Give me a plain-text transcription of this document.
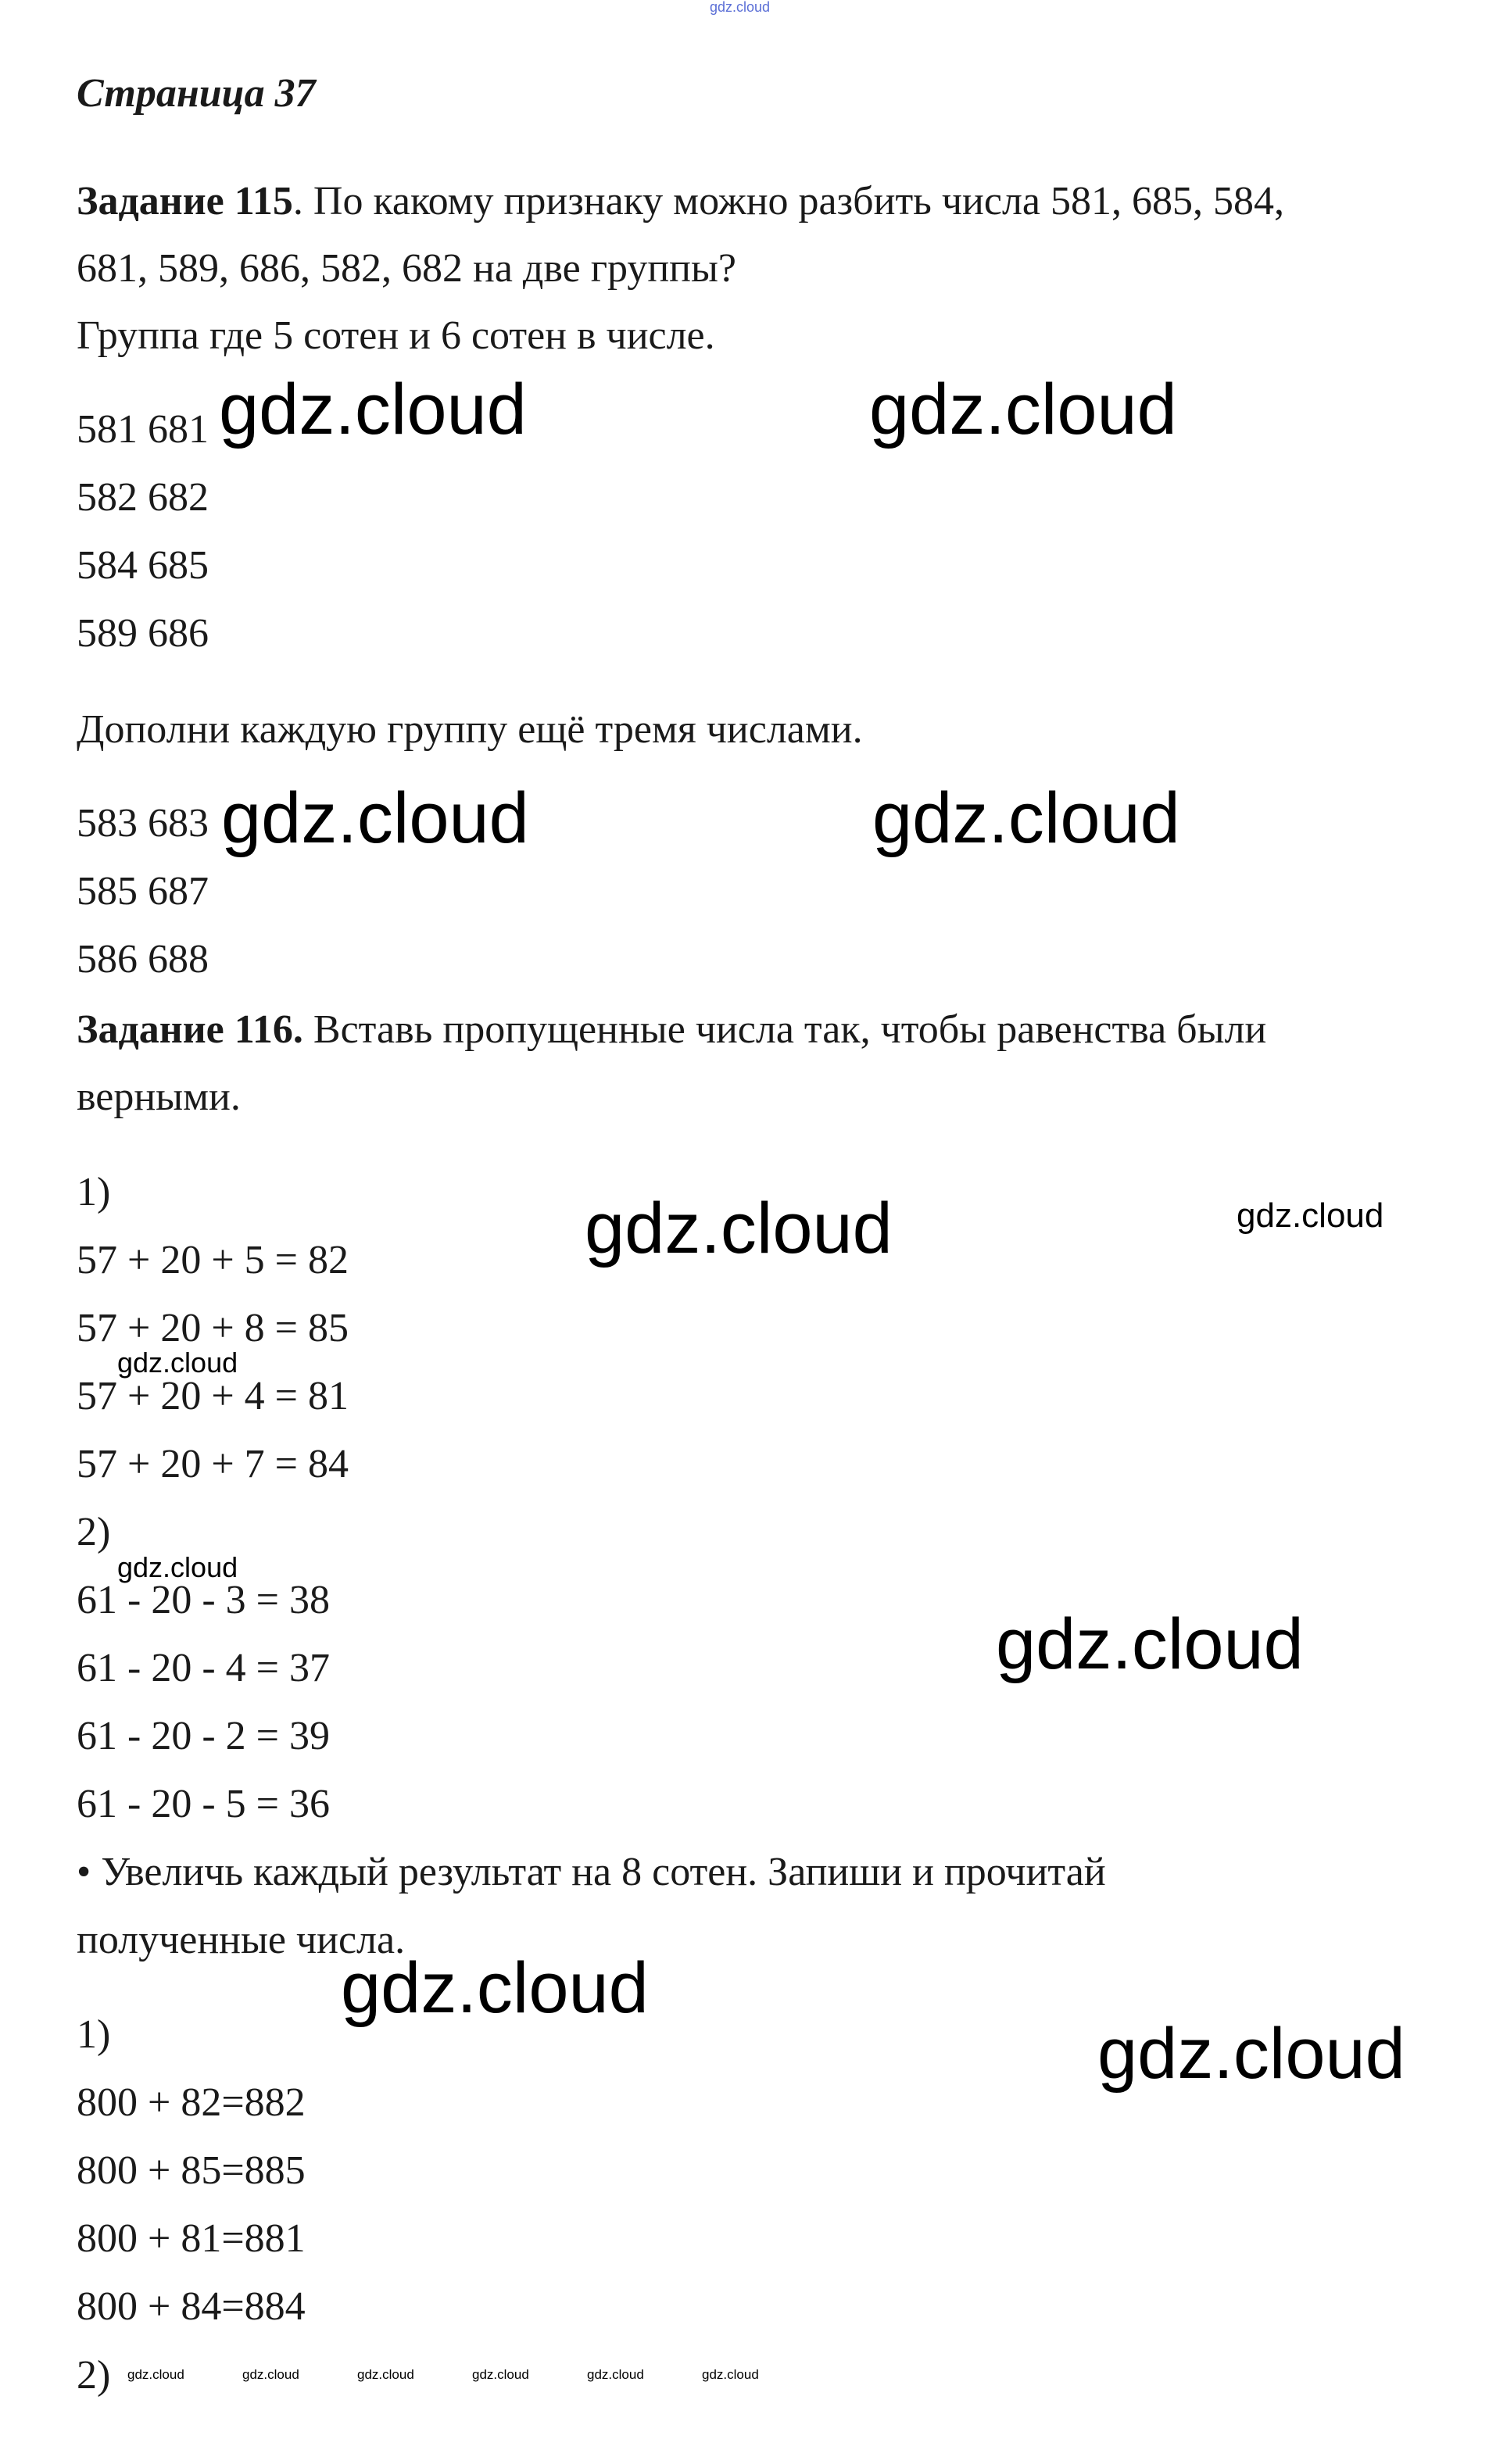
gdz.cloud

Страница 37

Задание 115. По какому признаку можно разбить числа 581, 685, 584,

681, 589, 686, 582, 682 на две группы?

Группа где 5 сотен и 6 сотен в числе.

581 681

582 682

584 685

589 686

Дополни каждую группу ещё тремя числами.

583 683

585 687

586 688

Задание 116. Вставь пропущенные числа так, чтобы равенства были

верными.

1)

57 + 20 + 5 = 82

57 + 20 + 8 = 85

57 + 20 + 4 = 81

57 + 20 + 7 = 84

2)

61 - 20 - 3 = 38

61 - 20 - 4 = 37

61 - 20 - 2 = 39

61 - 20 - 5 = 36

• Увеличь каждый результат на 8 сотен. Запиши и прочитай

полученные числа.

1)

800 + 82=882

800 + 85=885

800 + 81=881

800 + 84=884

2)

gdz.cloud	gdz.cloud
gdz.cloud	gdz.cloud
gdz.cloud	gdz.cloud
gdz.cloud
gdz.cloud
gdz.cloud
gdz.cloud
gdz.cloud
gdz.cloud	gdz.cloud	gdz.cloud	gdz.cloud	gdz.cloud	gdz.cloud
